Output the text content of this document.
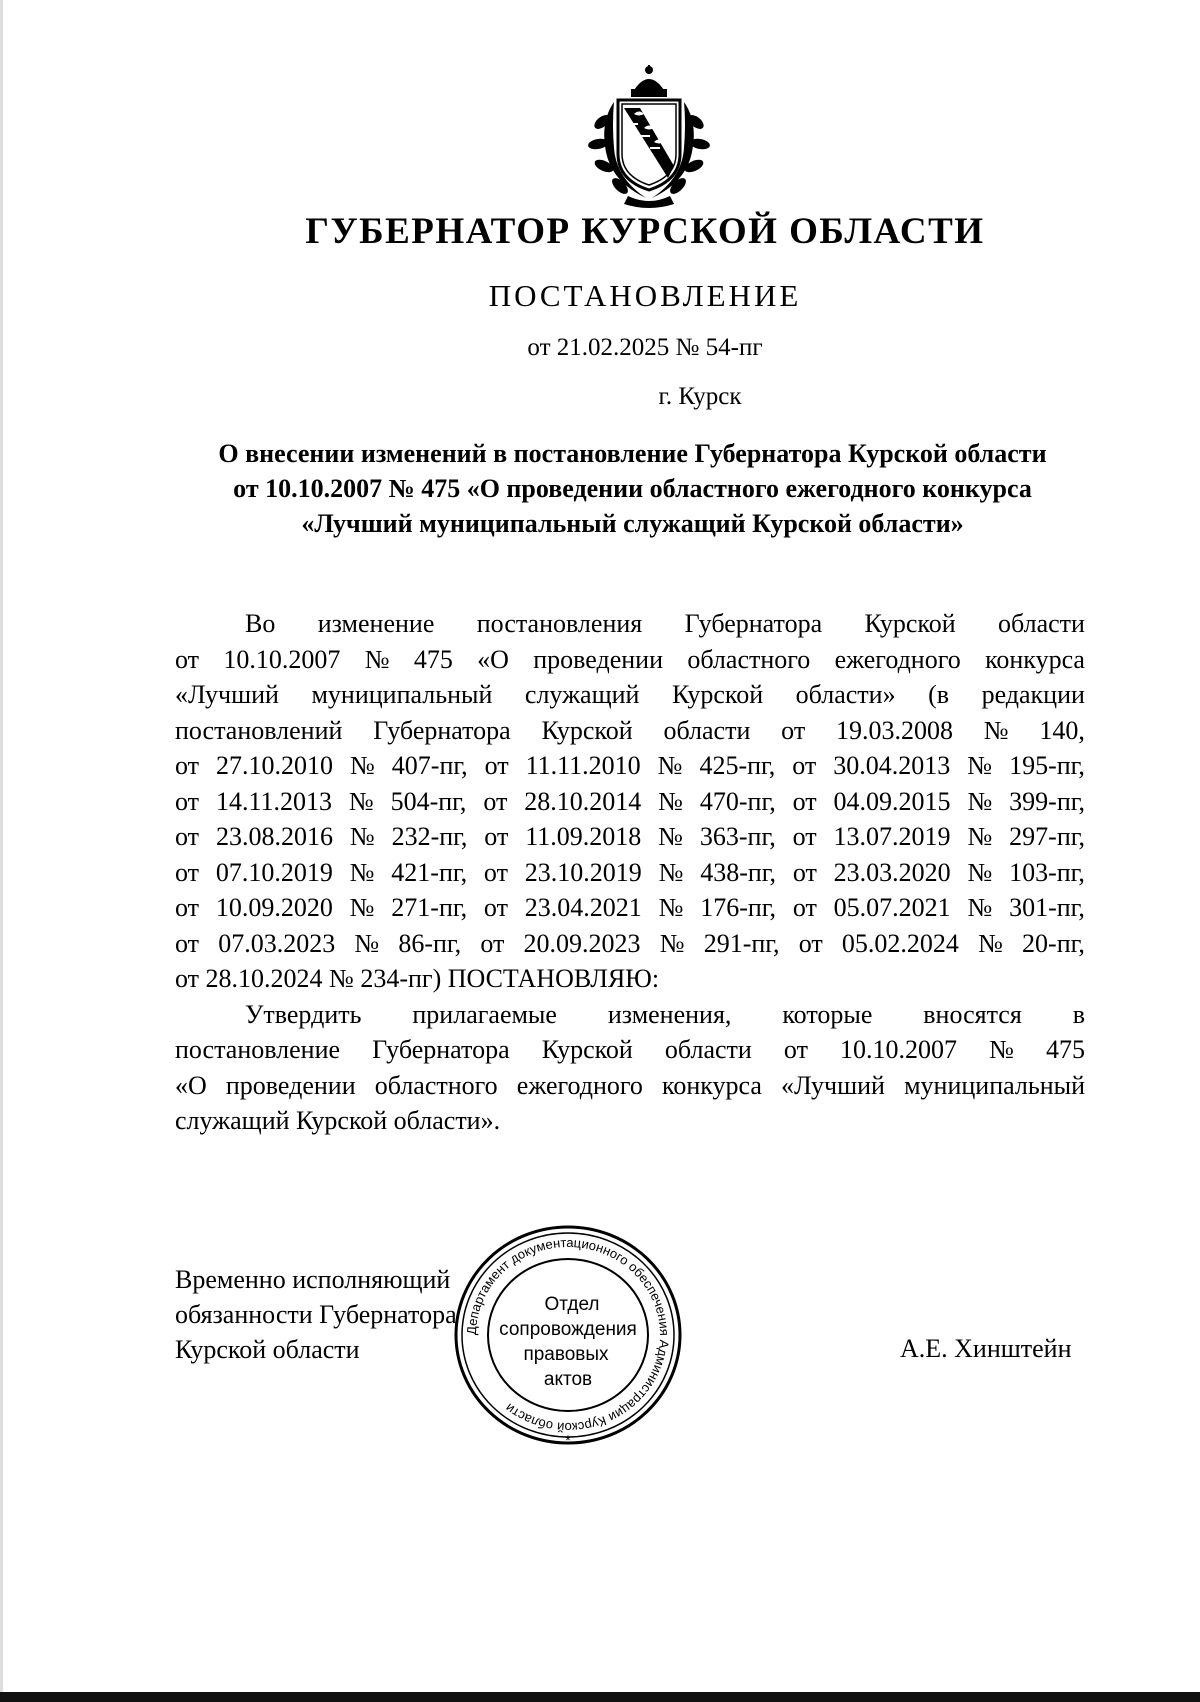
ГУБЕРНАТОР КУРСКОЙ ОБЛАСТИ
ПОСТАНОВЛЕНИЕ
от 21.02.2025 № 54-пг
г. Курск
О внесении изменений в постановление Губернатора Курской области
от 10.10.2007 № 475 «О проведении областного ежегодного конкурса
«Лучший муниципальный служащий Курской области»
Во изменение постановления Губернатора Курской области
от 10.10.2007 № 475 «О проведении областного ежегодного конкурса
«Лучший муниципальный служащий Курской области» (в редакции
постановлений Губернатора Курской области от 19.03.2008 № 140,
от 27.10.2010 № 407-пг, от 11.11.2010 № 425-пг, от 30.04.2013 № 195-пг,
от 14.11.2013 № 504-пг, от 28.10.2014 № 470-пг, от 04.09.2015 № 399-пг,
от 23.08.2016 № 232-пг, от 11.09.2018 № 363-пг, от 13.07.2019 № 297-пг,
от 07.10.2019 № 421-пг, от 23.10.2019 № 438-пг, от 23.03.2020 № 103-пг,
от 10.09.2020 № 271-пг, от 23.04.2021 № 176-пг, от 05.07.2021 № 301-пг,
от 07.03.2023 № 86-пг, от 20.09.2023 № 291-пг, от 05.02.2024 № 20-пг,
от 28.10.2024 № 234-пг) ПОСТАНОВЛЯЮ:
Утвердить прилагаемые изменения, которые вносятся в
постановление Губернатора Курской области от 10.10.2007 № 475
«О проведении областного ежегодного конкурса «Лучший муниципальный
служащий Курской области».
Временно исполняющий
обязанности Губернатора
Курской области	А.Е. Хинштейн
Департамент документационного обеспечения Администрации Курской области
*
Отдел
сопровождения
правовых
актов
